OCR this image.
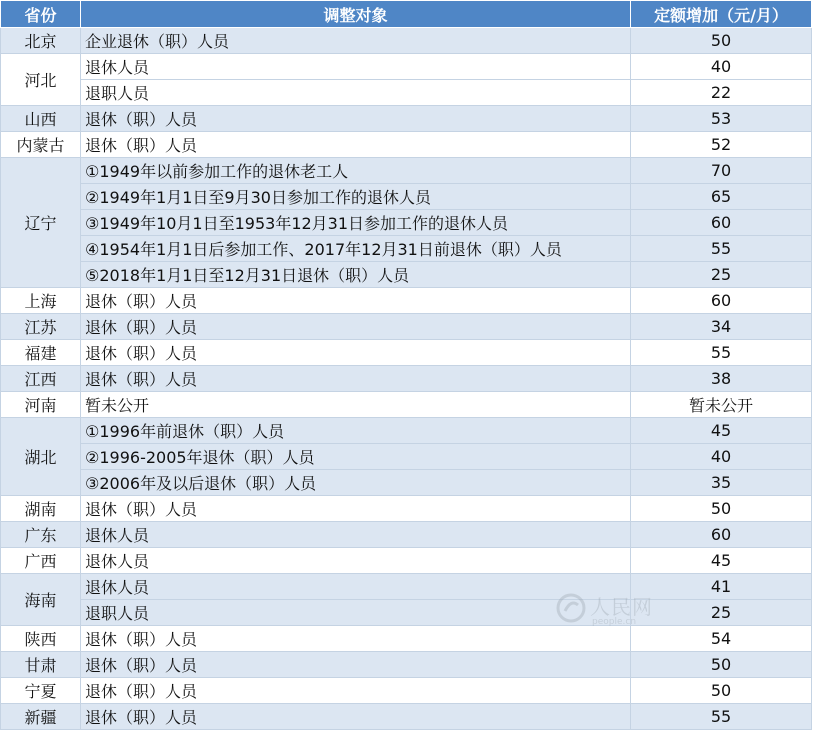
省份	调整对象	定额增加（元/月）
北京	企业退休（职）人员	50
河北	退休人员	40
	退职人员	22
山西	退休（职）人员	53
内蒙古	退休（职）人员	52
辽宁	①1949年以前参加工作的退休老工人	70
	②1949年1月1日至9月30日参加工作的退休人员	65
	③1949年10月1日至1953年12月31日参加工作的退休人员	60
	④1954年1月1日后参加工作、2017年12月31日前退休（职）人员	55
	⑤2018年1月1日至12月31日退休（职）人员	25
上海	退休（职）人员	60
江苏	退休（职）人员	34
福建	退休（职）人员	55
江西	退休（职）人员	38
河南	暂未公开	暂未公开
湖北	①1996年前退休（职）人员	45
	②1996-2005年退休（职）人员	40
	③2006年及以后退休（职）人员	35
湖南	退休（职）人员	50
广东	退休人员	60
广西	退休人员	45
海南	退休人员	41
	退职人员	25
陕西	退休（职）人员	54
甘肃	退休（职）人员	50
宁夏	退休（职）人员	50
新疆	退休（职）人员	55
人民网
people.cn
